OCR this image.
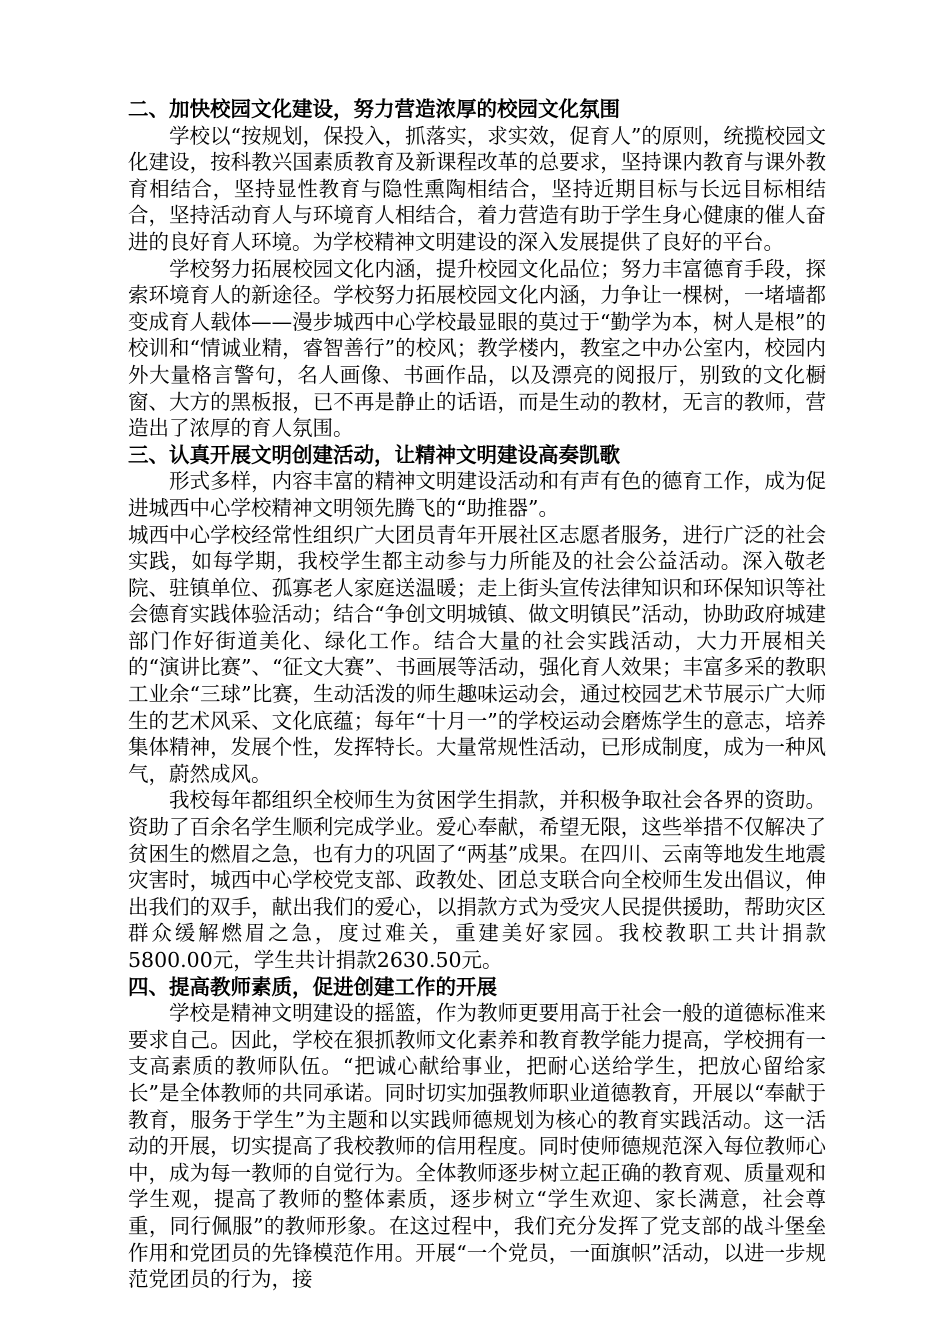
二、加快校园文化建设，努力营造浓厚的校园文化氛围

学校以“按规划，保投入，抓落实，求实效，促育人”的原则，统揽校园文化建设，按科教兴国素质教育及新课程改革的总要求，坚持课内教育与课外教育相结合，坚持显性教育与隐性熏陶相结合，坚持近期目标与长远目标相结合，坚持活动育人与环境育人相结合，着力营造有助于学生身心健康的催人奋进的良好育人环境。为学校精神文明建设的深入发展提供了良好的平台。

学校努力拓展校园文化内涵，提升校园文化品位；努力丰富德育手段，探索环境育人的新途径。学校努力拓展校园文化内涵，力争让一棵树，一堵墙都变成育人载体——漫步城西中心学校最显眼的莫过于“勤学为本，树人是根”的校训和“情诚业精，睿智善行”的校风；教学楼内，教室之中办公室内，校园内外大量格言警句，名人画像、书画作品，以及漂亮的阅报厅，别致的文化橱窗、大方的黑板报，已不再是静止的话语，而是生动的教材，无言的教师，营造出了浓厚的育人氛围。

三、认真开展文明创建活动，让精神文明建设高奏凯歌

形式多样，内容丰富的精神文明建设活动和有声有色的德育工作，成为促进城西中心学校精神文明领先腾飞的“助推器”。

城西中心学校经常性组织广大团员青年开展社区志愿者服务，进行广泛的社会实践，如每学期，我校学生都主动参与力所能及的社会公益活动。深入敬老院、驻镇单位、孤寡老人家庭送温暖；走上街头宣传法律知识和环保知识等社会德育实践体验活动；结合“争创文明城镇、做文明镇民”活动，协助政府城建部门作好街道美化、绿化工作。结合大量的社会实践活动，大力开展相关的“演讲比赛”、“征文大赛”、书画展等活动，强化育人效果；丰富多采的教职工业余“三球”比赛，生动活泼的师生趣味运动会，通过校园艺术节展示广大师生的艺术风采、文化底蕴；每年“十月一”的学校运动会磨炼学生的意志，培养集体精神，发展个性，发挥特长。大量常规性活动，已形成制度，成为一种风气，蔚然成风。

我校每年都组织全校师生为贫困学生捐款，并积极争取社会各界的资助。资助了百余名学生顺利完成学业。爱心奉献，希望无限，这些举措不仅解决了贫困生的燃眉之急，也有力的巩固了“两基”成果。在四川、云南等地发生地震灾害时，城西中心学校党支部、政教处、团总支联合向全校师生发出倡议，伸出我们的双手，献出我们的爱心，以捐款方式为受灾人民提供援助，帮助灾区群众缓解燃眉之急，度过难关，重建美好家园。我校教职工共计捐款5800.00元，学生共计捐款2630.50元。

四、提高教师素质，促进创建工作的开展

学校是精神文明建设的摇篮，作为教师更要用高于社会一般的道德标准来要求自己。因此，学校在狠抓教师文化素养和教育教学能力提高，学校拥有一支高素质的教师队伍。“把诚心献给事业，把耐心送给学生，把放心留给家长”是全体教师的共同承诺。同时切实加强教师职业道德教育，开展以“奉献于教育，服务于学生”为主题和以实践师德规划为核心的教育实践活动。这一活动的开展，切实提高了我校教师的信用程度。同时使师德规范深入每位教师心中，成为每一教师的自觉行为。全体教师逐步树立起正确的教育观、质量观和学生观，提高了教师的整体素质，逐步树立“学生欢迎、家长满意，社会尊重，同行佩服”的教师形象。在这过程中，我们充分发挥了党支部的战斗堡垒作用和党团员的先锋模范作用。开展“一个党员，一面旗帜”活动，以进一步规范党团员的行为，接
